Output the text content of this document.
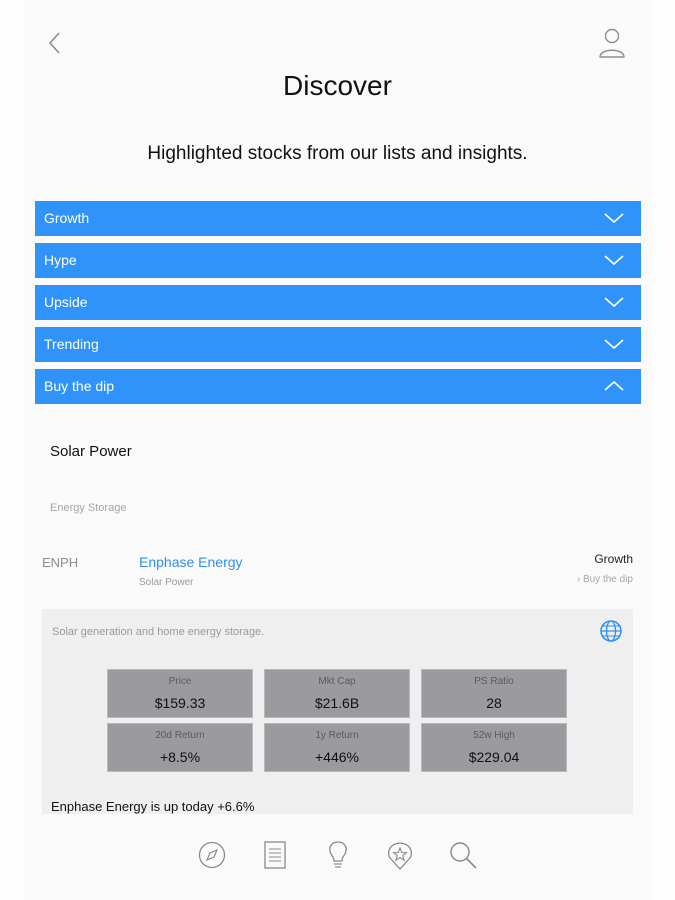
Discover
Highlighted stocks from our lists and insights.
Growth
Hype
Upside
Trending
Buy the dip
Solar Power
Energy Storage
ENPH	Enphase Energy
Solar Power
Growth
› Buy the dip
Solar generation and home energy storage.
Price
$159.33
Mkt Cap
$21.6B
PS Ratio
28
20d Return
+8.5%
1y Return
+446%
52w High
$229.04
Enphase Energy is up today +6.6%
